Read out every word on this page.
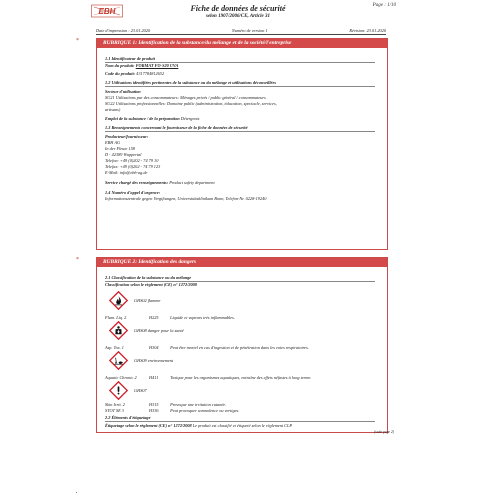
EBH
Page : 1/10
Fiche de données de sécurité
selon 1907/2006/CE, Article 31
Date d'impression : 23.01.2020	Numéro de version 1	Révision: 23.01.2020
*	RUBRIQUE 1: Identification de la substance/du mélange et de la société/l'entreprise
1.1 Identificateur de produit
Nom du produit: FORMAT FO-S20 UVA
Code du produit: 4317784812652
1.2 Utilisations identifiées pertinentes de la substance ou du mélange et utilisations déconseillées
Secteur d'utilisation
SU21 Utilisations par des consommateurs: Ménages privés / public général / consommateurs
SU22 Utilisations professionnelles: Domaine public (administration, éducation, spectacle, services,
artisans)
Emploi de la substance / de la préparation Détergents
1.3 Renseignements concernant le fournisseur de la fiche de données de sécurité
Producteur/fournisseur:
EBH AG
In der Fleute 158
D - 42389 Wuppertal
Telefon: +49 (0)202 - 74 79 10
Telefax: +49 (0)202 - 74 79 123
E-Mail: info@ebh-ag.de
Service chargé des renseignements: Product safety department
1.4 Numéro d'appel d'urgence:
Informationszentrale gegen Vergiftungen, Universitätsklinikum Bonn, Telefon-Nr. 0228-19240
*	RUBRIQUE 2: Identification des dangers
2.1 Classification de la substance ou du mélange
Classification selon le règlement (CE) n° 1272/2008
GHS02 flamme
Flam. Liq. 2	H225	Liquide et vapeurs très inflammables.
GHS08 danger pour la santé
Asp. Tox. 1	H304	Peut être mortel en cas d'ingestion et de pénétration dans les voies respiratoires.
GHS09 environnement
Aquatic Chronic 2	H411	Toxique pour les organismes aquatiques, entraîne des effets néfastes à long terme.
GHS07
Skin Irrit. 2	H315	Provoque une irritation cutanée.
STOT SE 3	H336	Peut provoquer somnolence ou vertiges.
2.2 Éléments d'étiquetage
Étiquetage selon le règlement (CE) n° 1272/2008 Le produit est classifié et étiqueté selon le règlement CLP.
(suite page 2)
